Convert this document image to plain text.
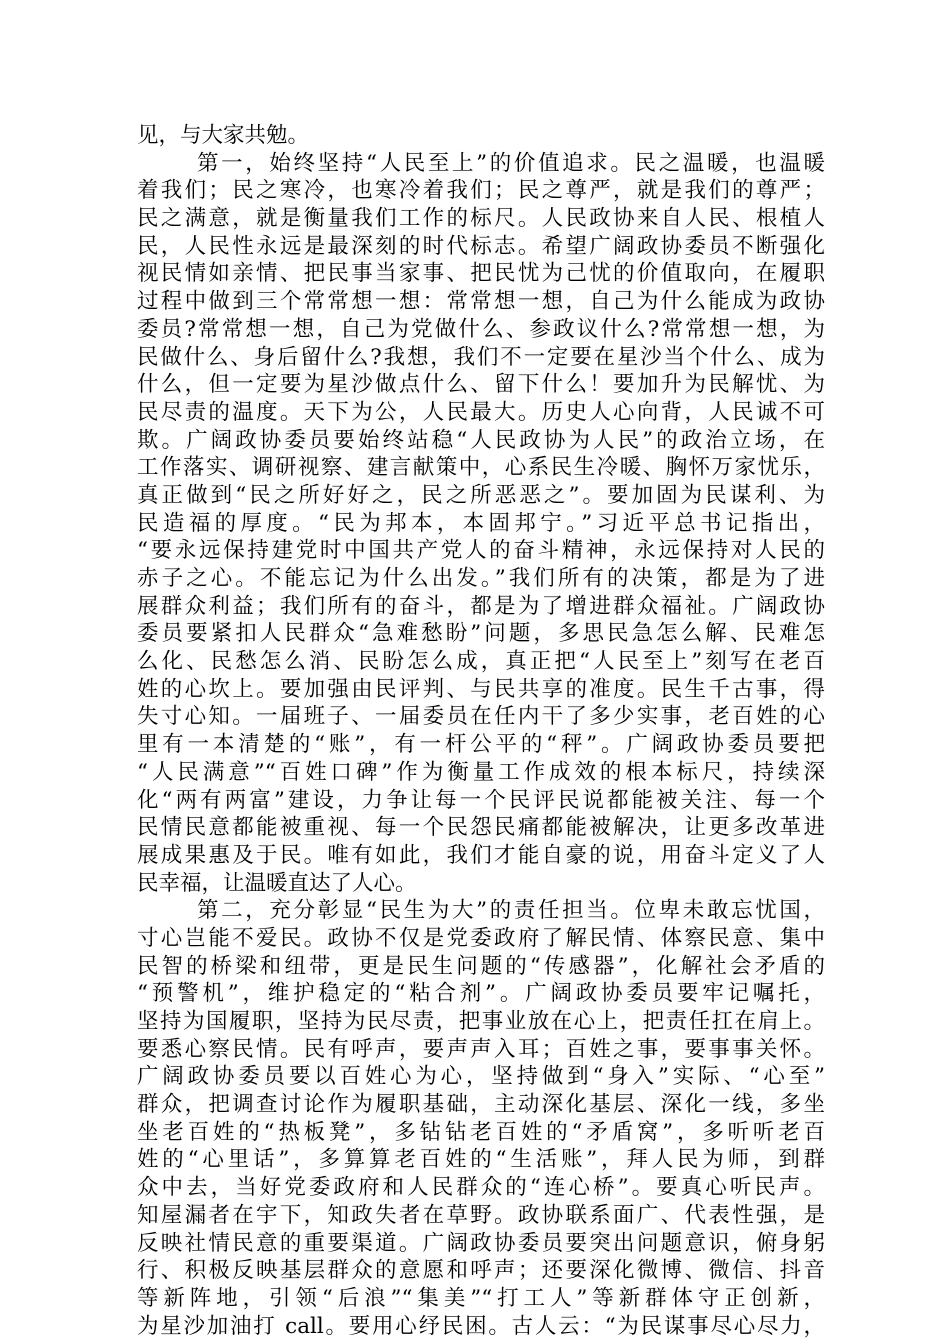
见，与大家共勉。
第一，始终坚持“人民至上”的价值追求。民之温暖，也温暖
着我们；民之寒冷，也寒冷着我们；民之尊严，就是我们的尊严；
民之满意，就是衡量我们工作的标尺。人民政协来自人民、根植人
民，人民性永远是最深刻的时代标志。希望广阔政协委员不断强化
视民情如亲情、把民事当家事、把民忧为己忧的价值取向，在履职
过程中做到三个常常想一想：常常想一想，自己为什么能成为政协
委员?常常想一想，自己为党做什么、参政议什么?常常想一想，为
民做什么、身后留什么?我想，我们不一定要在星沙当个什么、成为
什么，但一定要为星沙做点什么、留下什么！要加升为民解忧、为
民尽责的温度。天下为公，人民最大。历史人心向背，人民诚不可
欺。广阔政协委员要始终站稳“人民政协为人民”的政治立场，在
工作落实、调研视察、建言献策中，心系民生冷暖、胸怀万家忧乐，
真正做到“民之所好好之，民之所恶恶之”。要加固为民谋利、为
民造福的厚度。“民为邦本，本固邦宁。”习近平总书记指出，
“要永远保持建党时中国共产党人的奋斗精神，永远保持对人民的
赤子之心。不能忘记为什么出发。”我们所有的决策，都是为了进
展群众利益；我们所有的奋斗，都是为了增进群众福祉。广阔政协
委员要紧扣人民群众“急难愁盼”问题，多思民急怎么解、民难怎
么化、民愁怎么消、民盼怎么成，真正把“人民至上”刻写在老百
姓的心坎上。要加强由民评判、与民共享的准度。民生千古事，得
失寸心知。一届班子、一届委员在任内干了多少实事，老百姓的心
里有一本清楚的“账”，有一杆公平的“秤”。广阔政协委员要把
“人民满意”“百姓口碑”作为衡量工作成效的根本标尺，持续深
化“两有两富”建设，力争让每一个民评民说都能被关注、每一个
民情民意都能被重视、每一个民怨民痛都能被解决，让更多改革进
展成果惠及于民。唯有如此，我们才能自豪的说，用奋斗定义了人
民幸福，让温暖直达了人心。
第二，充分彰显“民生为大”的责任担当。位卑未敢忘忧国，
寸心岂能不爱民。政协不仅是党委政府了解民情、体察民意、集中
民智的桥梁和纽带，更是民生问题的“传感器”，化解社会矛盾的
“预警机”，维护稳定的“粘合剂”。广阔政协委员要牢记嘱托，
坚持为国履职，坚持为民尽责，把事业放在心上，把责任扛在肩上。
要悉心察民情。民有呼声，要声声入耳；百姓之事，要事事关怀。
广阔政协委员要以百姓心为心，坚持做到“身入”实际、“心至”
群众，把调查讨论作为履职基础，主动深化基层、深化一线，多坐
坐老百姓的“热板凳”，多钻钻老百姓的“矛盾窝”，多听听老百
姓的“心里话”，多算算老百姓的“生活账”，拜人民为师，到群
众中去，当好党委政府和人民群众的“连心桥”。要真心听民声。
知屋漏者在宇下，知政失者在草野。政协联系面广、代表性强，是
反映社情民意的重要渠道。广阔政协委员要突出问题意识，俯身躬
行、积极反映基层群众的意愿和呼声；还要深化微博、微信、抖音
等新阵地，引领“后浪”“集美”“打工人”等新群体守正创新，
为星沙加油打 call。要用心纾民困。古人云：“为民谋事尽心尽力，
